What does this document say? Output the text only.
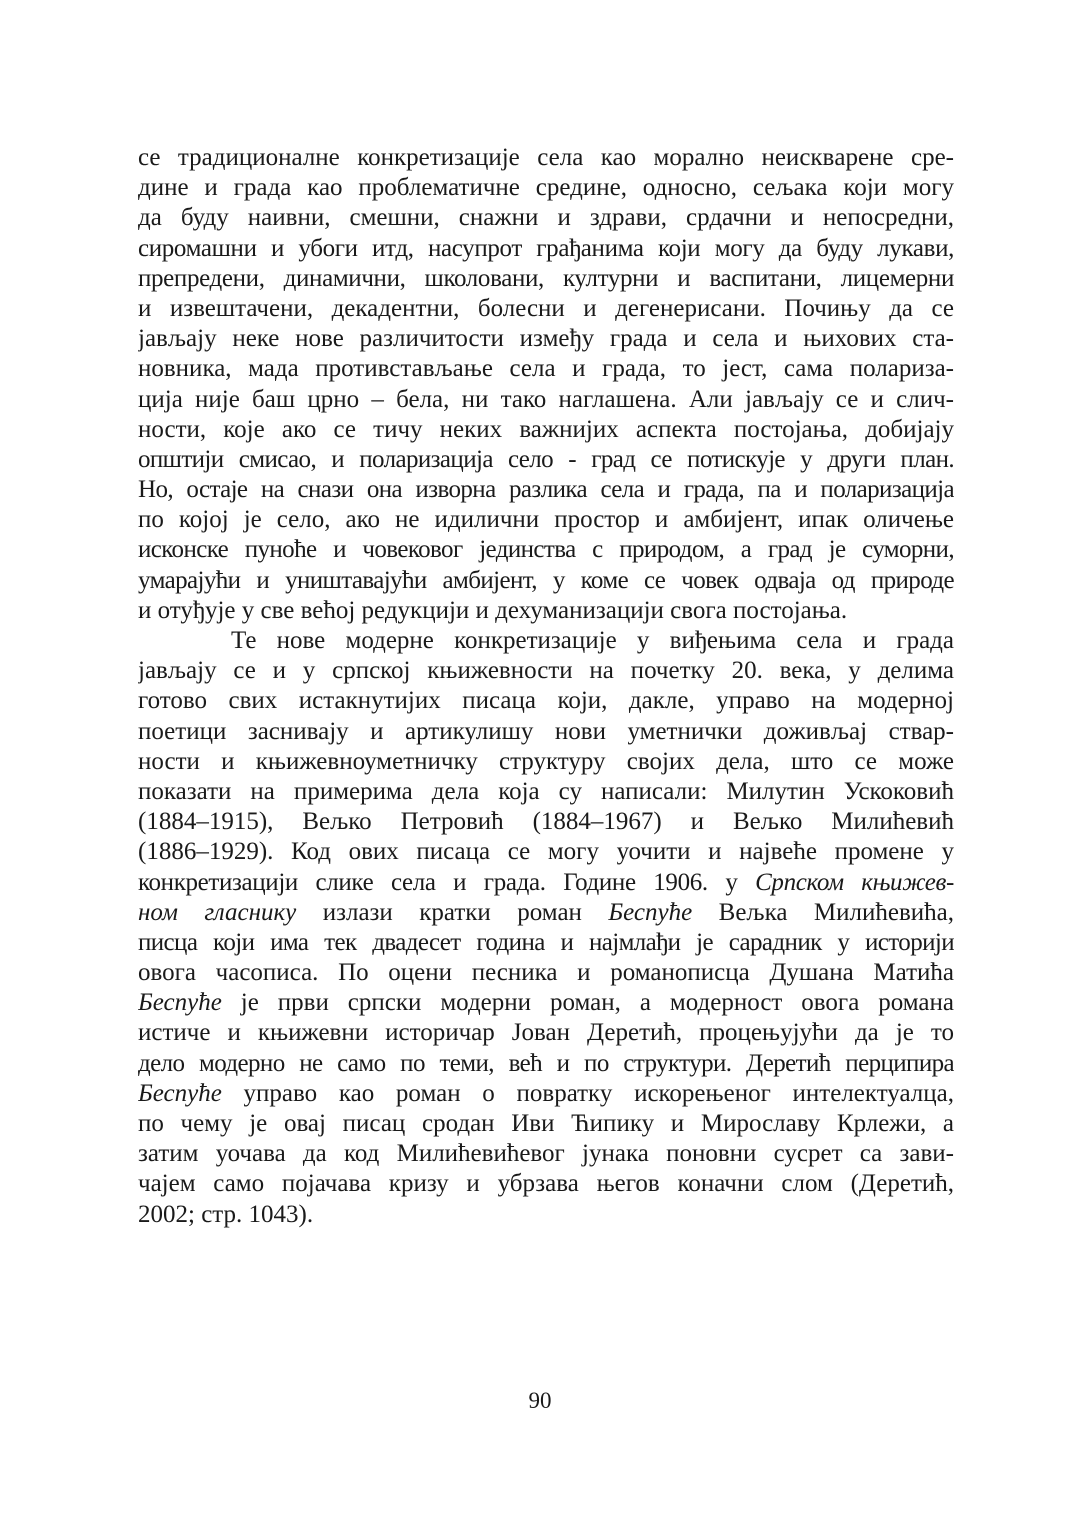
се традиционалне конкретизације села као морално неисквaрене сре-
дине и града као проблематичне средине, односно, сељака који могу
да буду наивни, смешни, снажни и здрави, срдачни и непосредни,
сиромашни и убоги итд, насупрот грађанима који могу да буду лукави,
препредени, динамични, школовани, културни и васпитани, лицемерни
и извештачени, декадентни, болесни и дегенерисани. Почињу да се
јављају неке нове различитости између града и села и њихових ста-
новника, мада противстављање села и града, то јест, сама поларизa-
ција није баш црно – бела, ни тако наглашена. Али јављају се и слич-
ности, које ако се тичу неких важнијих аспекта постојања, добијају
општији смисао, и поларизација село - град се потискује у други план.
Но, остаје на снази она изворна разлика села и града, па и поларизација
по којој је село, ако не идилични простор и амбијент, ипак оличење
исконске пуноће и човековог јединства с природом, а град је суморни,
умарајући и уништавајући амбијент, у коме се човек одваја од природе
и отуђује у све већој редукцији и дехуманизацији свога постојања.
Те нове модерне конкретизације у виђењима села и града
јављају се и у српској књижевности на почетку 20. века, у делима
готово свих истакнутијих писаца који, дакле, управо на модерној
поетици заснивају и артикулишу нови уметнички доживљај ствар-
ности и књижевноуметничку структуру својих дела, што се може
показати на примерима дела која су написали: Милутин Ускоковић
(1884–1915), Вељко Петровић (1884–1967) и Вељко Милићевић
(1886–1929). Код ових писаца се могу уочити и највеће промене у
конкретизацији слике села и града. Године 1906. у Српском књижев-
ном гласнику излази кратки роман Беспуће Вељка Милићевића,
писца који има тек двадесет година и најмлађи је сарадник у историји
овога часописа. По оцени песника и романописца Душана Матића
Беспуће је први српски модерни роман, а модерност овога романа
истиче и књижевни историчар Јован Деретић, процењујући да је то
дело модерно не само по теми, већ и по структури. Деретић перципира
Беспуће управо као роман о повратку искорењеног интелектуалца,
по чему је овај писац сродан Иви Ћипику и Мирославу Крлежи, а
затим уочава да код Милићевићевог јунака поновни сусрет са зави-
чајем само појачава кризу и убрзава његов коначни слом (Деретић,
2002; стр. 1043).
90
